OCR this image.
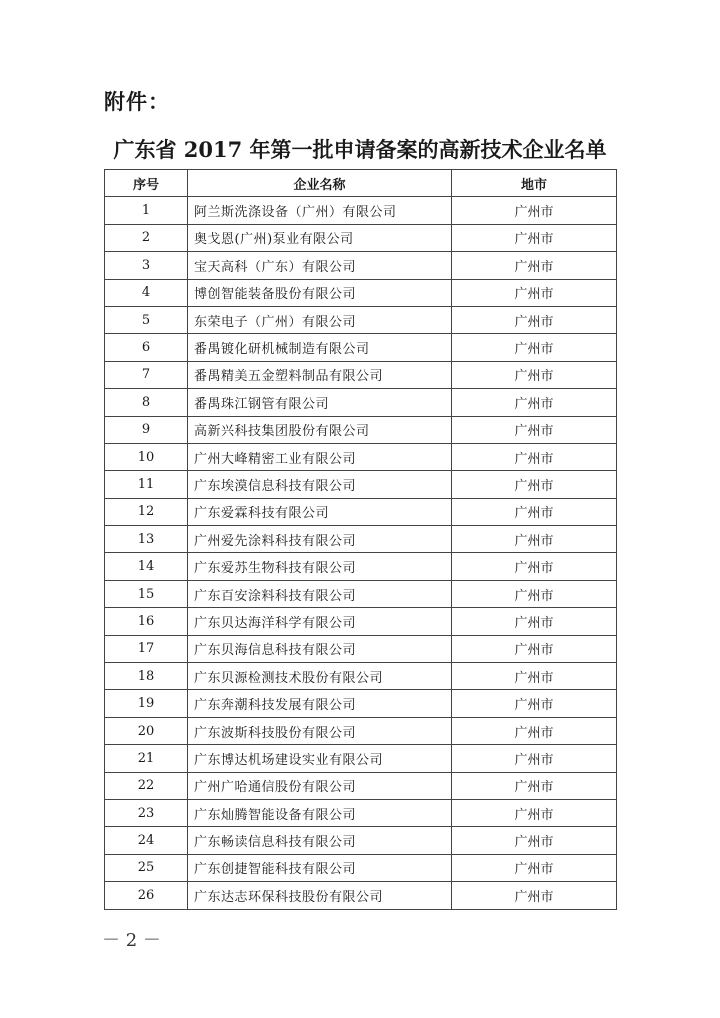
附件：
广东省 2017 年第一批申请备案的高新技术企业名单
序号	企业名称	地市
1	阿兰斯洗涤设备（广州）有限公司	广州市
2	奥戈恩(广州)泵业有限公司	广州市
3	宝天高科（广东）有限公司	广州市
4	博创智能装备股份有限公司	广州市
5	东荣电子（广州）有限公司	广州市
6	番禺镀化研机械制造有限公司	广州市
7	番禺精美五金塑料制品有限公司	广州市
8	番禺珠江钢管有限公司	广州市
9	高新兴科技集团股份有限公司	广州市
10	广州大峰精密工业有限公司	广州市
11	广东埃漠信息科技有限公司	广州市
12	广东爱霖科技有限公司	广州市
13	广州爱先涂料科技有限公司	广州市
14	广东爱苏生物科技有限公司	广州市
15	广东百安涂料科技有限公司	广州市
16	广东贝达海洋科学有限公司	广州市
17	广东贝海信息科技有限公司	广州市
18	广东贝源检测技术股份有限公司	广州市
19	广东奔潮科技发展有限公司	广州市
20	广东波斯科技股份有限公司	广州市
21	广东博达机场建设实业有限公司	广州市
22	广州广哈通信股份有限公司	广州市
23	广东灿腾智能设备有限公司	广州市
24	广东畅读信息科技有限公司	广州市
25	广东创捷智能科技有限公司	广州市
26	广东达志环保科技股份有限公司	广州市
－ 2 －
